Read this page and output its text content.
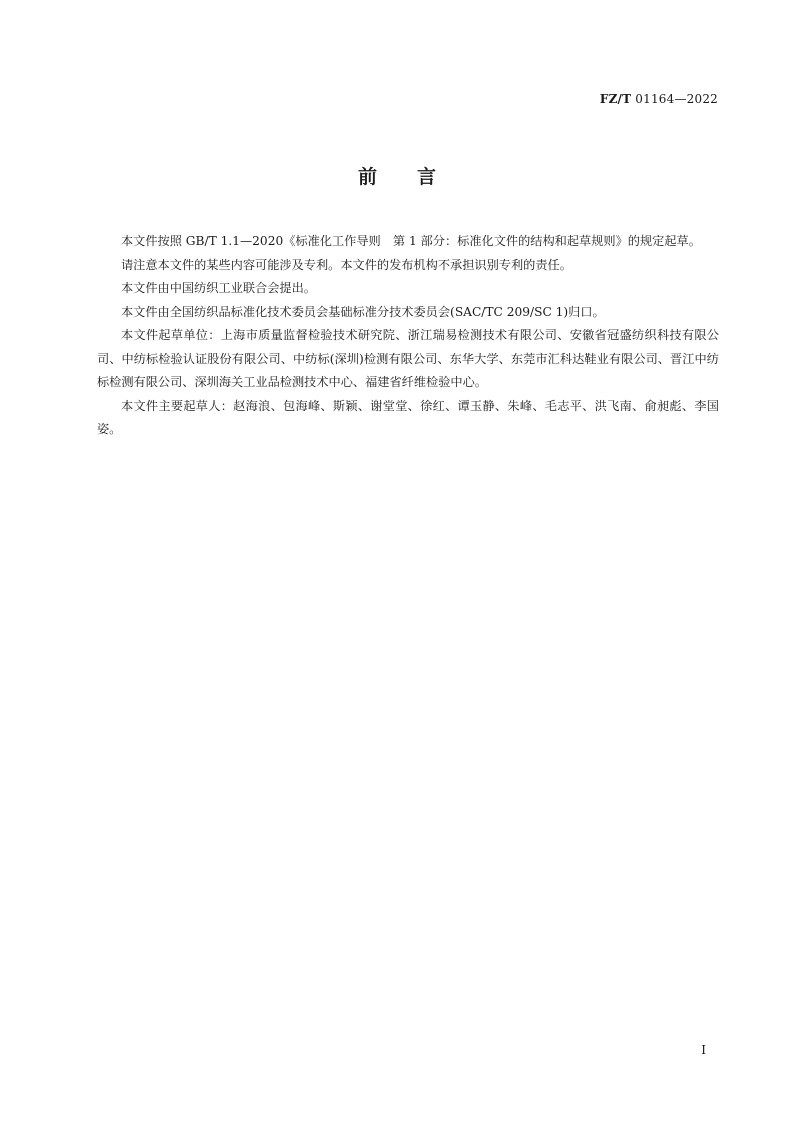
FZ/T 01164—2022
前 言

本文件按照 GB/T 1.1—2020《标准化工作导则　第 1 部分：标准化文件的结构和起草规则》的规定起草。

请注意本文件的某些内容可能涉及专利。本文件的发布机构不承担识别专利的责任。

本文件由中国纺织工业联合会提出。

本文件由全国纺织品标准化技术委员会基础标准分技术委员会(SAC/TC 209/SC 1)归口。

本文件起草单位：上海市质量监督检验技术研究院、浙江瑞易检测技术有限公司、安徽省冠盛纺织科技有限公司、中纺标检验认证股份有限公司、中纺标(深圳)检测有限公司、东华大学、东莞市汇科达鞋业有限公司、晋江中纺标检测有限公司、深圳海关工业品检测技术中心、福建省纤维检验中心。

本文件主要起草人：赵海浪、包海峰、斯颖、谢堂堂、徐红、谭玉静、朱峰、毛志平、洪飞南、俞昶彪、李国姿。

I
